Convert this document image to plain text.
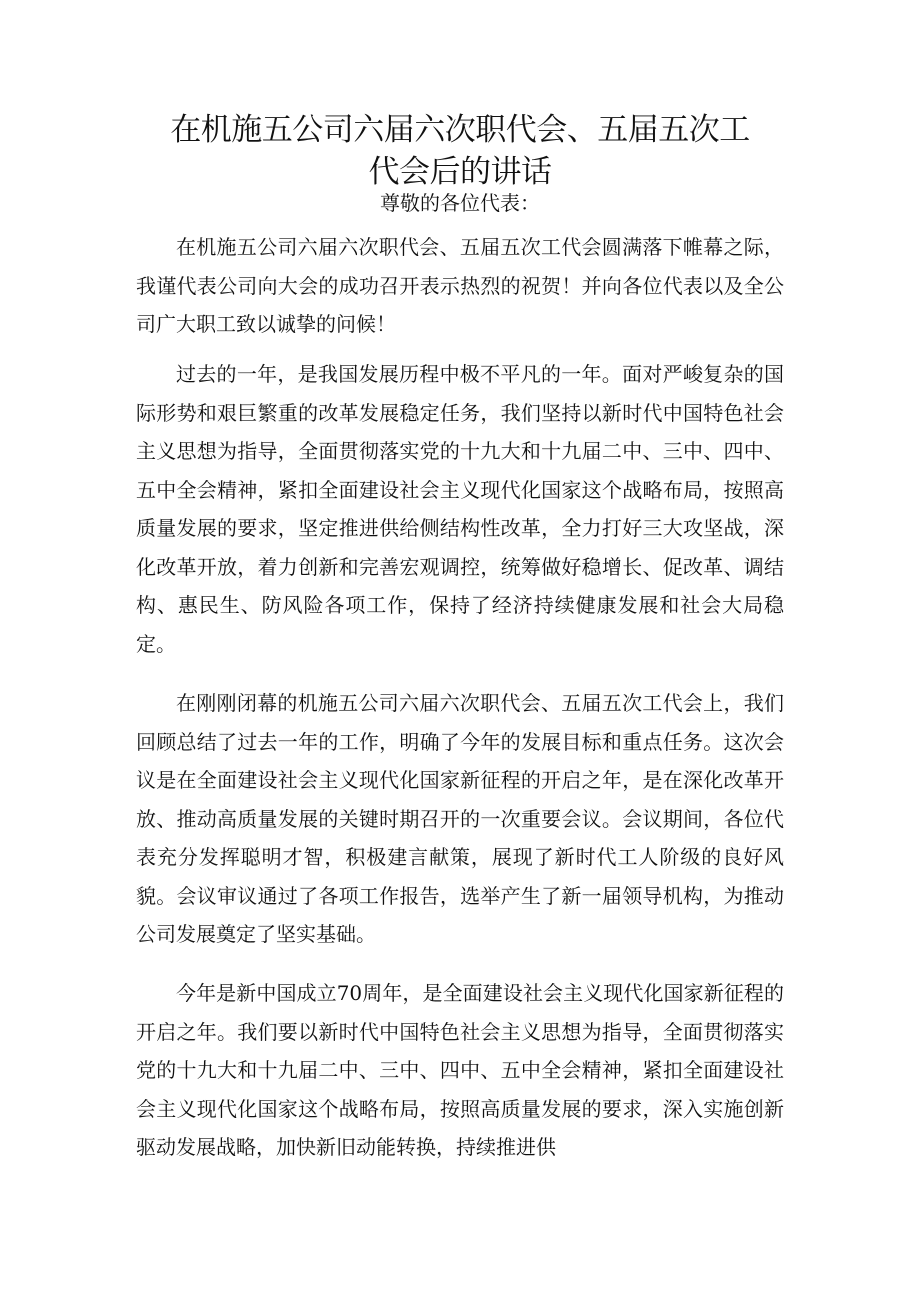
在机施五公司六届六次职代会、五届五次工
代会后的讲话
尊敬的各位代表：

在机施五公司六届六次职代会、五届五次工代会圆满落下帷幕之际，我谨代表公司向大会的成功召开表示热烈的祝贺！并向各位代表以及全公司广大职工致以诚挚的问候！

过去的一年，是我国发展历程中极不平凡的一年。面对严峻复杂的国际形势和艰巨繁重的改革发展稳定任务，我们坚持以新时代中国特色社会主义思想为指导，全面贯彻落实党的十九大和十九届二中、三中、四中、五中全会精神，紧扣全面建设社会主义现代化国家这个战略布局，按照高质量发展的要求，坚定推进供给侧结构性改革，全力打好三大攻坚战，深化改革开放，着力创新和完善宏观调控，统筹做好稳增长、促改革、调结构、惠民生、防风险各项工作，保持了经济持续健康发展和社会大局稳定。

在刚刚闭幕的机施五公司六届六次职代会、五届五次工代会上，我们回顾总结了过去一年的工作，明确了今年的发展目标和重点任务。这次会议是在全面建设社会主义现代化国家新征程的开启之年，是在深化改革开放、推动高质量发展的关键时期召开的一次重要会议。会议期间，各位代表充分发挥聪明才智，积极建言献策，展现了新时代工人阶级的良好风貌。会议审议通过了各项工作报告，选举产生了新一届领导机构，为推动公司发展奠定了坚实基础。

今年是新中国成立70周年，是全面建设社会主义现代化国家新征程的开启之年。我们要以新时代中国特色社会主义思想为指导，全面贯彻落实党的十九大和十九届二中、三中、四中、五中全会精神，紧扣全面建设社会主义现代化国家这个战略布局，按照高质量发展的要求，深入实施创新驱动发展战略，加快新旧动能转换，持续推进供
